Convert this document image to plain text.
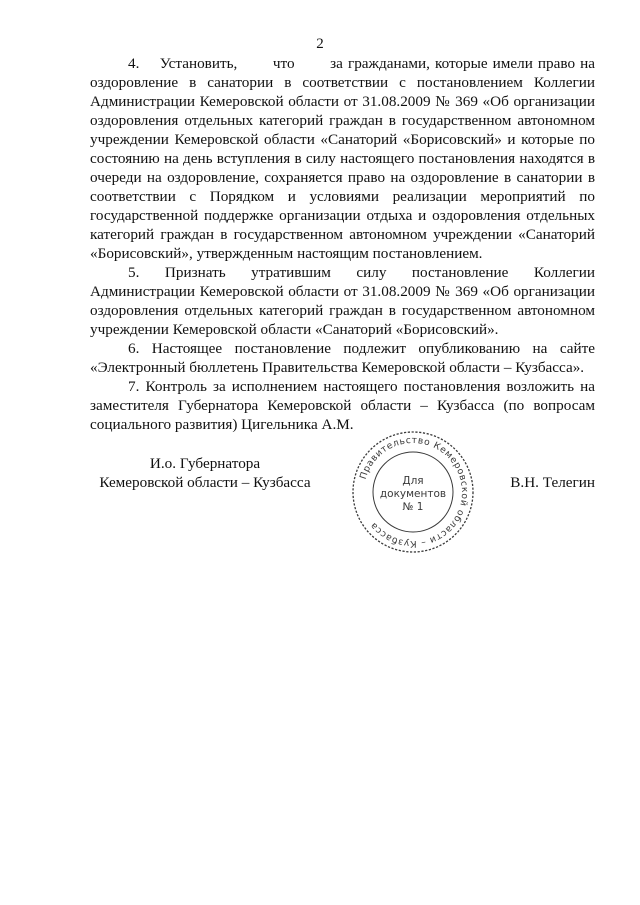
2

4.    Установить,       что       за гражданами, которые имели право на оздоровление в санатории в соответствии с постановлением Коллегии Администрации Кемеровской области от 31.08.2009 № 369 «Об организации оздоровления отдельных категорий граждан в государственном автономном учреждении Кемеровской области «Санаторий «Борисовский» и которые по состоянию на день вступления в силу настоящего постановления находятся в очереди на оздоровление, сохраняется право на оздоровление в санатории в соответствии с Порядком и условиями реализации мероприятий по государственной поддержке организации отдыха и оздоровления отдельных категорий граждан в государственном автономном учреждении «Санаторий «Борисовский», утвержденным настоящим постановлением.

5. Признать утратившим силу постановление Коллегии Администрации Кемеровской области от 31.08.2009 № 369 «Об организации оздоровления отдельных категорий граждан в государственном автономном учреждении Кемеровской области «Санаторий «Борисовский».

6. Настоящее постановление подлежит опубликованию на сайте «Электронный бюллетень Правительства Кемеровской области – Кузбасса».

7. Контроль за исполнением настоящего постановления возложить на заместителя Губернатора Кемеровской области – Кузбасса (по вопросам социального развития) Цигельника А.М.

И.о. Губернатора
Кемеровской области – Кузбасса	Правительство Кемеровской области – Кузбасса
Для
документов
№ 1
В.Н. Телегин
